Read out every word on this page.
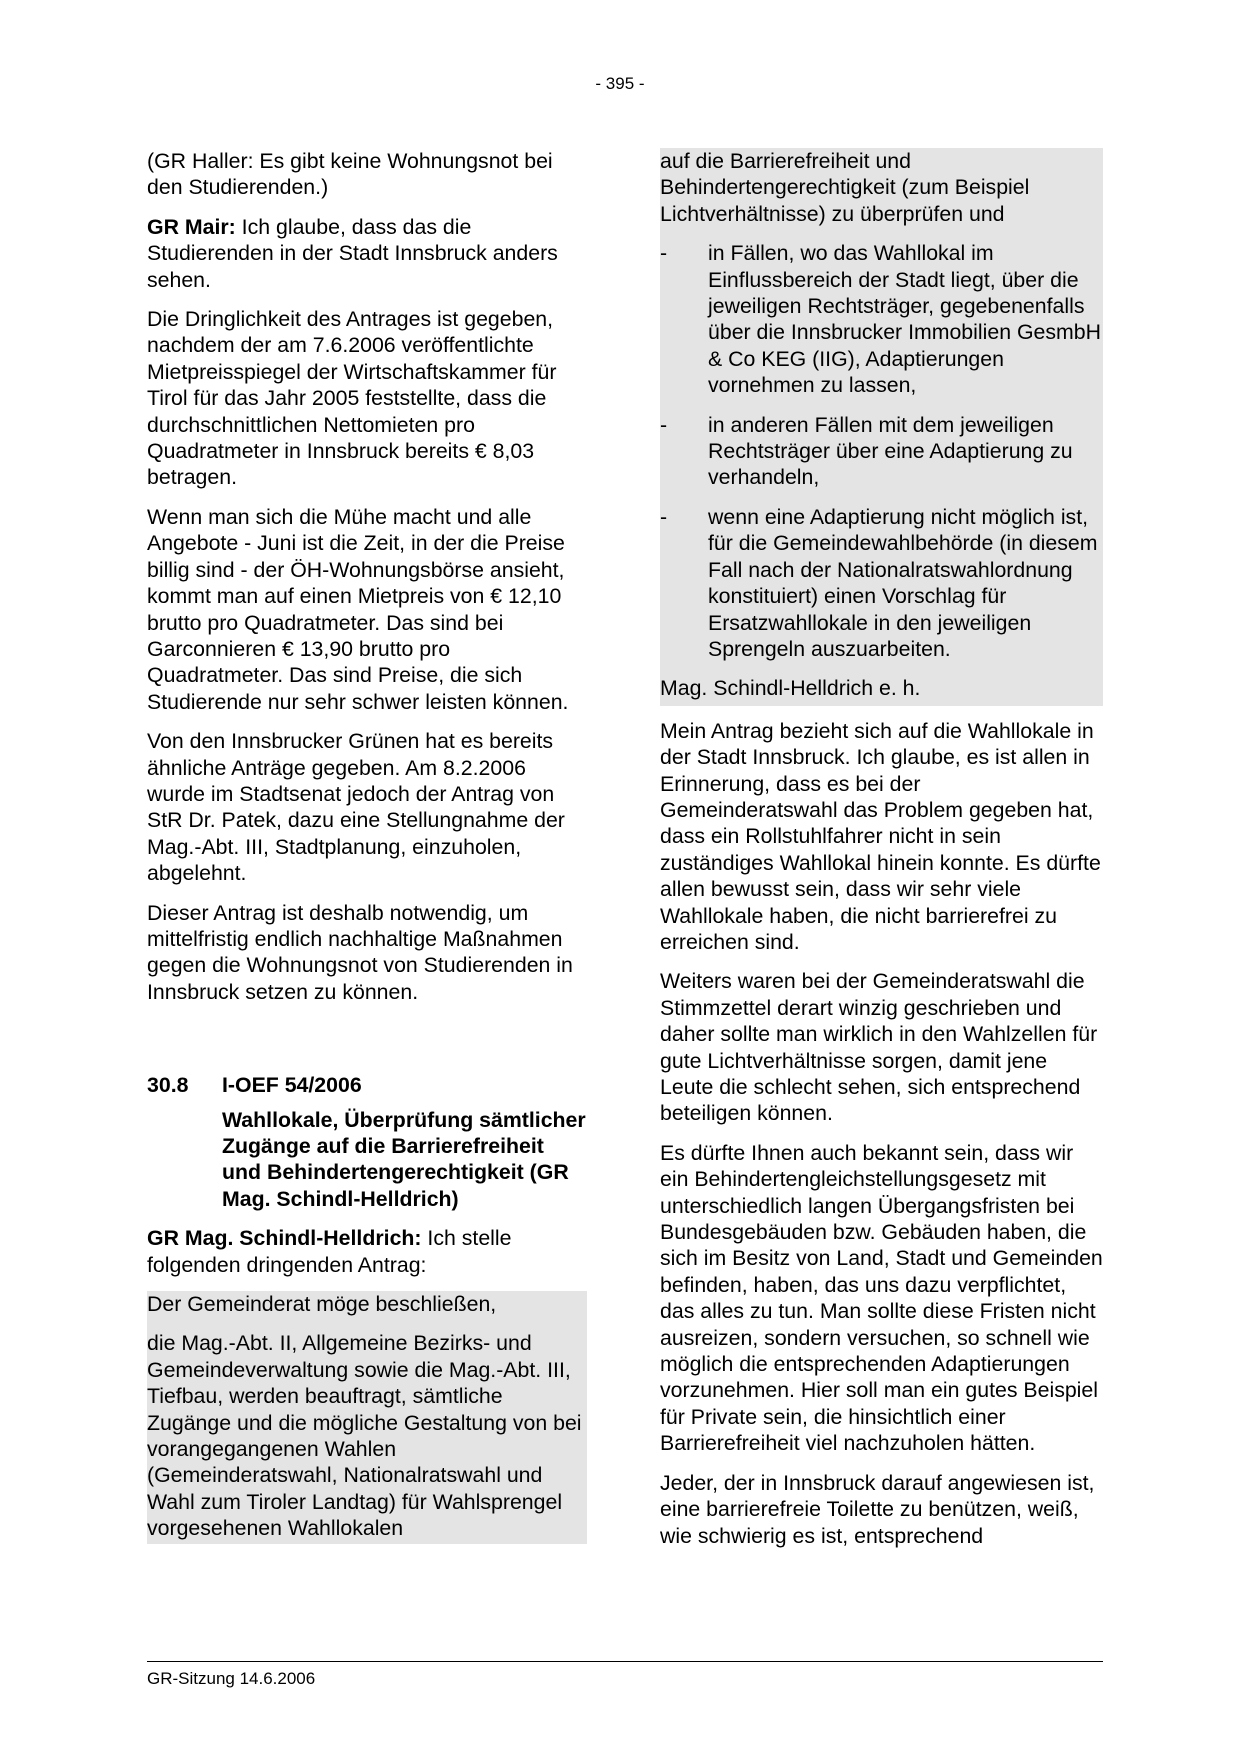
- 395 -

(GR Haller: Es gibt keine Wohnungsnot bei den Studierenden.)

GR Mair: Ich glaube, dass das die Studierenden in der Stadt Innsbruck anders sehen.

Die Dringlichkeit des Antrages ist gegeben, nachdem der am 7.6.2006 veröffentlichte Mietpreisspiegel der Wirtschaftskammer für Tirol für das Jahr 2005 feststellte, dass die durchschnittlichen Nettomieten pro Quadratmeter in Innsbruck bereits € 8,03 betragen.

Wenn man sich die Mühe macht und alle Angebote - Juni ist die Zeit, in der die Preise billig sind - der ÖH-Wohnungsbörse ansieht, kommt man auf einen Mietpreis von € 12,10 brutto pro Quadratmeter. Das sind bei Garconnieren € 13,90 brutto pro Quadratmeter. Das sind Preise, die sich Studierende nur sehr schwer leisten können.

Von den Innsbrucker Grünen hat es bereits ähnliche Anträge gegeben. Am 8.2.2006 wurde im Stadtsenat jedoch der Antrag von StR Dr. Patek, dazu eine Stellungnahme der Mag.-Abt. III, Stadtplanung, einzuholen, abgelehnt.

Dieser Antrag ist deshalb notwendig, um mittelfristig endlich nachhaltige Maßnahmen gegen die Wohnungsnot von Studierenden in Innsbruck setzen zu können.

30.8	I-OEF 54/2006
Wahllokale, Überprüfung sämtlicher Zugänge auf die Barrierefreiheit und Behindertengerechtigkeit (GR Mag. Schindl-Helldrich)

GR Mag. Schindl-Helldrich: Ich stelle folgenden dringenden Antrag:

Der Gemeinderat möge beschließen,

die Mag.-Abt. II, Allgemeine Bezirks- und Gemeindeverwaltung sowie die Mag.-Abt. III, Tiefbau, werden beauftragt, sämtliche Zugänge und die mögliche Gestaltung von bei vorangegangenen Wahlen (Gemeinderatswahl, Nationalratswahl und Wahl zum Tiroler Landtag) für Wahlsprengel vorgesehenen Wahllokalen

auf die Barrierefreiheit und Behindertengerechtigkeit (zum Beispiel Lichtverhältnisse) zu überprüfen und

-	in Fällen, wo das Wahllokal im Einflussbereich der Stadt liegt, über die jeweiligen Rechtsträger, gegebenenfalls über die Innsbrucker Immobilien GesmbH & Co KEG (IIG), Adaptierungen vornehmen zu lassen,
-	in anderen Fällen mit dem jeweiligen Rechtsträger über eine Adaptierung zu verhandeln,
-	wenn eine Adaptierung nicht möglich ist, für die Gemeindewahlbehörde (in diesem Fall nach der Nationalratswahlordnung konstituiert) einen Vorschlag für Ersatzwahllokale in den jeweiligen Sprengeln auszuarbeiten.

Mag. Schindl-Helldrich e. h.

Mein Antrag bezieht sich auf die Wahllokale in der Stadt Innsbruck. Ich glaube, es ist allen in Erinnerung, dass es bei der Gemeinderatswahl das Problem gegeben hat, dass ein Rollstuhlfahrer nicht in sein zuständiges Wahllokal hinein konnte. Es dürfte allen bewusst sein, dass wir sehr viele Wahllokale haben, die nicht barrierefrei zu erreichen sind.

Weiters waren bei der Gemeinderatswahl die Stimmzettel derart winzig geschrieben und daher sollte man wirklich in den Wahlzellen für gute Lichtverhältnisse sorgen, damit jene Leute die schlecht sehen, sich entsprechend beteiligen können.

Es dürfte Ihnen auch bekannt sein, dass wir ein Behindertengleichstellungsgesetz mit unterschiedlich langen Übergangsfristen bei Bundesgebäuden bzw. Gebäuden haben, die sich im Besitz von Land, Stadt und Gemeinden befinden, haben, das uns dazu verpflichtet, das alles zu tun. Man sollte diese Fristen nicht ausreizen, sondern versuchen, so schnell wie möglich die entsprechenden Adaptierungen vorzunehmen. Hier soll man ein gutes Beispiel für Private sein, die hinsichtlich einer Barrierefreiheit viel nachzuholen hätten.

Jeder, der in Innsbruck darauf angewiesen ist, eine barrierefreie Toilette zu benützen, weiß, wie schwierig es ist, entsprechend

GR-Sitzung 14.6.2006
